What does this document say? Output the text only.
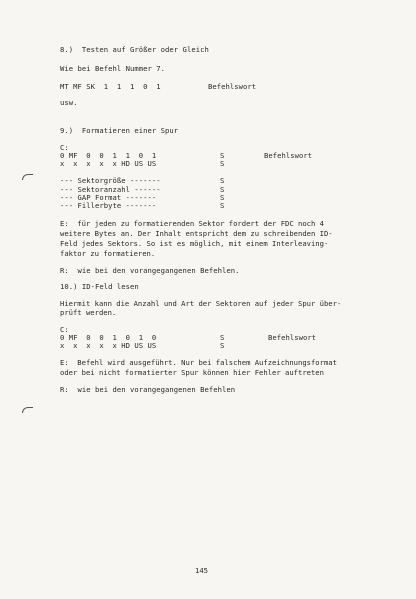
8.)  Testen auf Größer oder Gleich
Wie bei Befehl Nummer 7.
MT MF SK  1  1  1  0  1	Befehlswort
usw.
9.)  Formatieren einer Spur
C:
0 MF  0  0  1  1  0  1	S	Befehlswort
x  x  x  x  x HD US US	S
--- Sektorgröße -------	S
--- Sektoranzahl ------	S
--- GAP Format -------	S
--- Fillerbyte -------	S
E:  für jeden zu formatierenden Sektor fordert der FDC noch 4
weitere Bytes an. Der Inhalt entspricht dem zu schreibenden ID-
Feld jedes Sektors. So ist es möglich, mit einem Interleaving-
faktor zu formatieren.
R:  wie bei den vorangegangenen Befehlen.
10.) ID-Feld lesen
Hiermit kann die Anzahl und Art der Sektoren auf jeder Spur über-
prüft werden.
C:
0 MF  0  0  1  0  1  0	S	Befehlswort
x  x  x  x  x HD US US	S
E:  Befehl wird ausgeführt. Nur bei falschem Aufzeichnungsformat
oder bei nicht formatierter Spur können hier Fehler auftreten
R:  wie bei den vorangegangenen Befehlen
145
